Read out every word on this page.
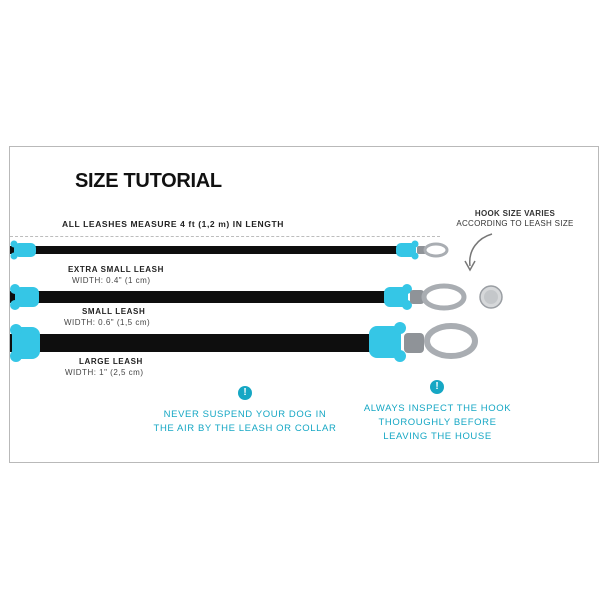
SIZE TUTORIAL
ALL LEASHES MEASURE 4 ft (1,2 m) IN LENGTH
HOOK SIZE VARIES
ACCORDING TO LEASH SIZE
EXTRA SMALL LEASH
WIDTH: 0.4" (1 cm)
SMALL LEASH
WIDTH: 0.6" (1,5 cm)
LARGE LEASH
WIDTH: 1" (2,5 cm)
!
NEVER SUSPEND YOUR DOG IN
THE AIR BY THE LEASH OR COLLAR
!
ALWAYS INSPECT THE HOOK
THOROUGHLY BEFORE
LEAVING THE HOUSE
